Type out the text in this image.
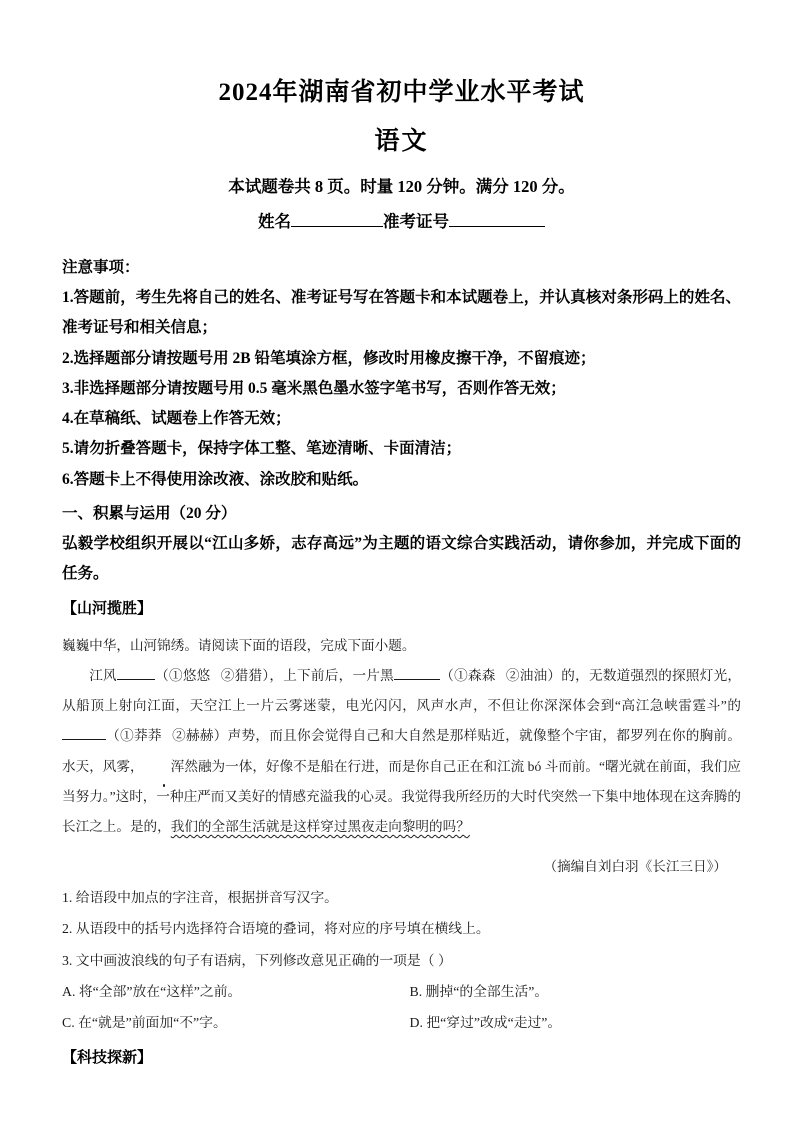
2024年湖南省初中学业水平考试
语文
本试题卷共 8 页。时量 120 分钟。满分 120 分。
姓名	准考证号
注意事项：
1.答题前，考生先将自己的姓名、准考证号写在答题卡和本试题卷上，并认真核对条形码上的姓名、准考证号和相关信息；
2.选择题部分请按题号用 2B 铅笔填涂方框，修改时用橡皮擦干净，不留痕迹；
3.非选择题部分请按题号用 0.5 毫米黑色墨水签字笔书写，否则作答无效；
4.在草稿纸、试题卷上作答无效；
5.请勿折叠答题卡，保持字体工整、笔迹清晰、卡面清洁；
6.答题卡上不得使用涂改液、涂改胶和贴纸。
一、积累与运用（20 分）
弘毅学校组织开展以“江山多娇，志存高远”为主题的语文综合实践活动，请你参加，并完成下面的任务。
【山河揽胜】

巍巍中华，山河锦绣。请阅读下面的语段，完成下面小题。

江风	（①悠悠 ②猎猎），上下前后，一片黑	（①森森 ②油油）的，无数道强烈的探照灯光，从船顶上射向江面，天空江上一片云雾迷蒙，电光闪闪，风声水声，不但让你深深体会到“高江急峡雷霆斗”的（①莽莽 ②赫赫）声势，而且你会觉得自己和大自然是那样贴近，就像整个宇宙，都罗列在你的胸前。水天，风雾， 浑然融为一体，好像不是船在行进，而是你自己正在和江流 bó 斗而前。“曙光就在前面，我们应当努力。”这时，一种庄严而又美好的情感充溢我的心灵。我觉得我所经历的大时代突然一下集中地体现在这奔腾的长江之上。是的，我们的全部生活就是这样穿过黑夜走向黎明的吗？

（摘编自刘白羽《长江三日》）
1. 给语段中加点的字注音，根据拼音写汉字。
2. 从语段中的括号内选择符合语境的叠词，将对应的序号填在横线上。
3. 文中画波浪线的句子有语病，下列修改意见正确的一项是（ ）
A. 将“全部”放在“这样”之前。	B. 删掉“的全部生活”。
C. 在“就是”前面加“不”字。	D. 把“穿过”改成“走过”。
【科技探新】
